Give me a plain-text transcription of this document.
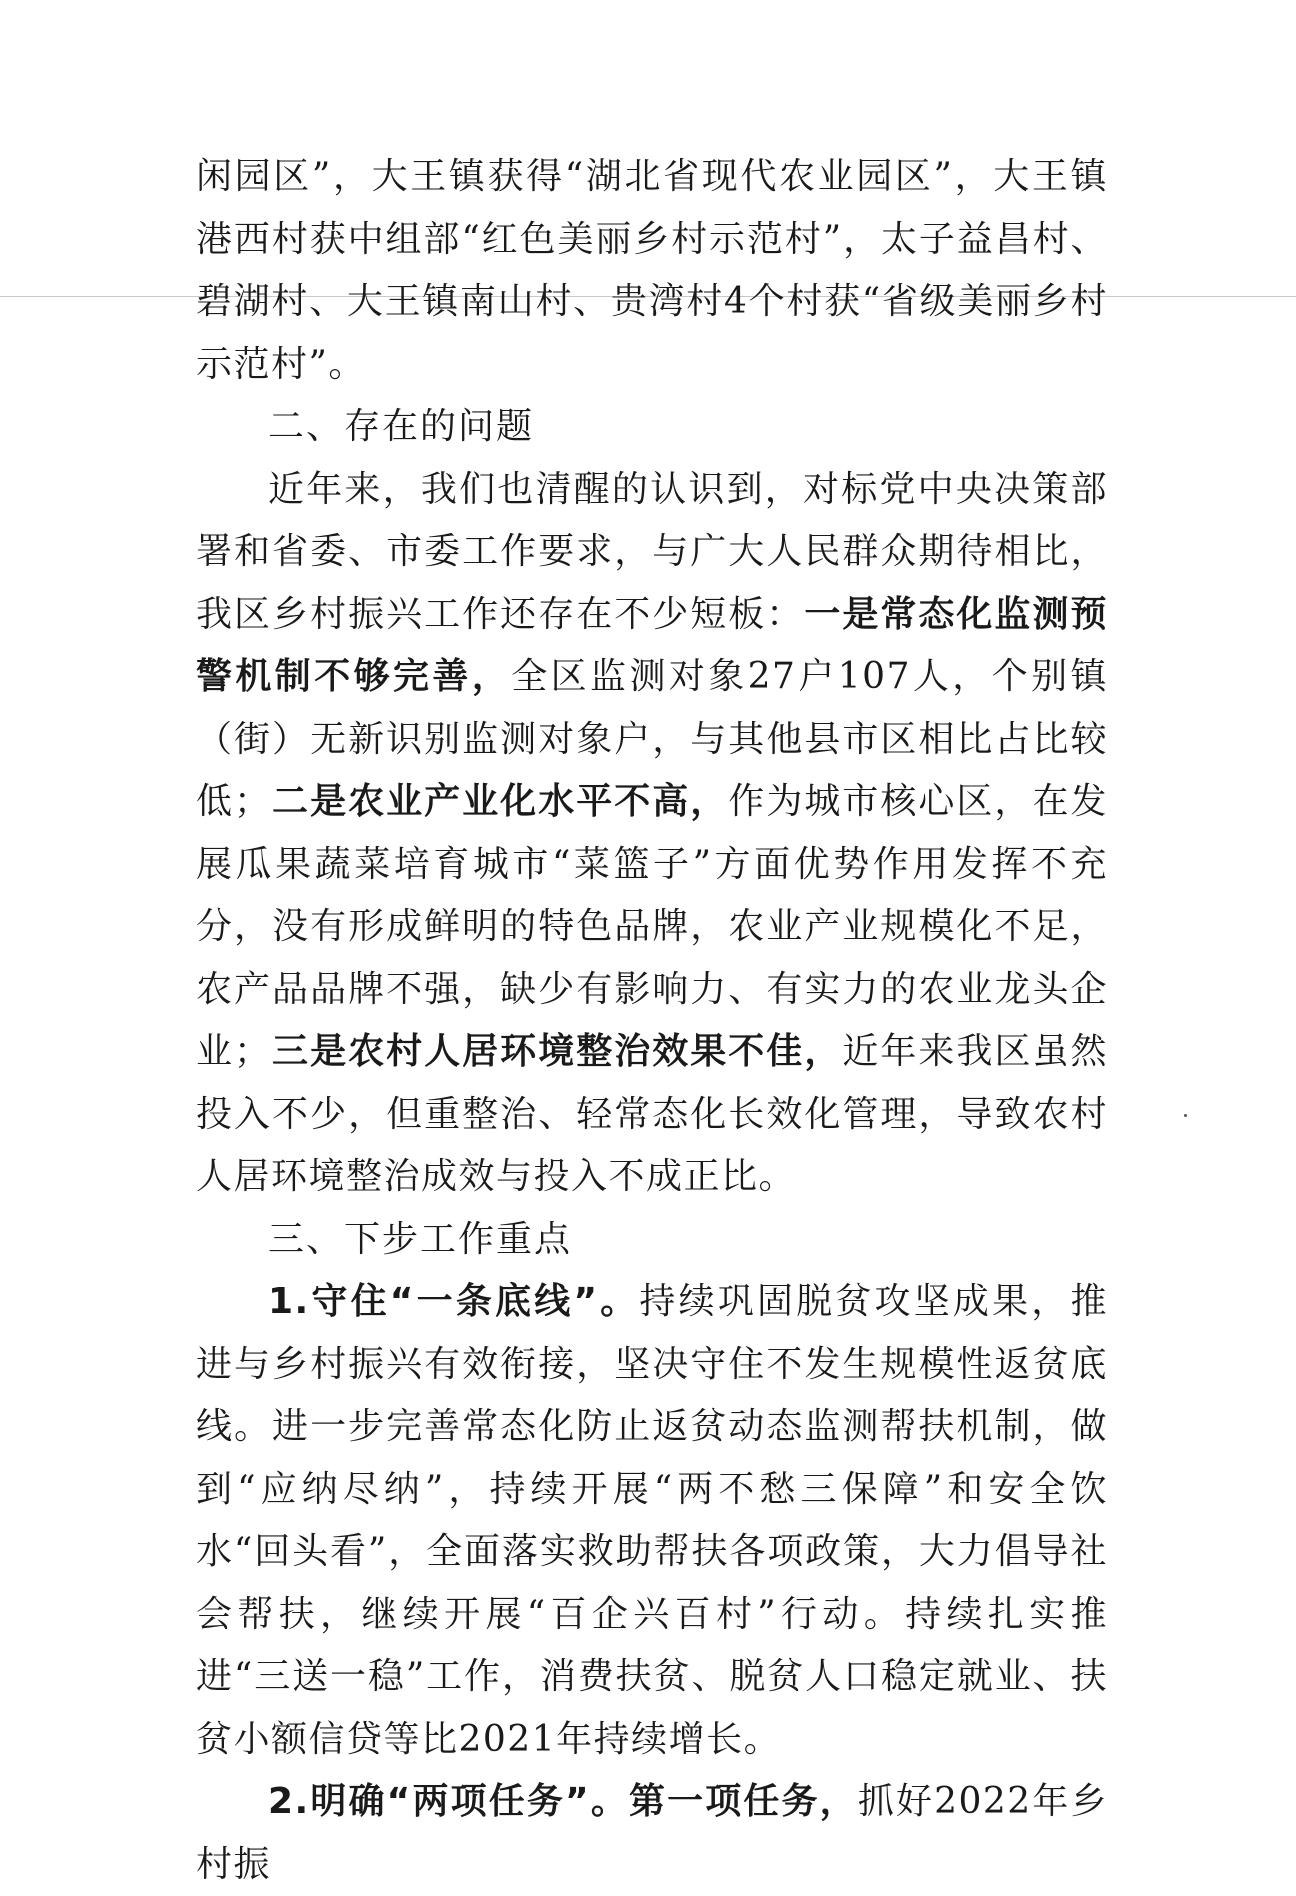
闲园区”，大王镇获得“湖北省现代农业园区”，大王镇港西村获中组部“红色美丽乡村示范村”，太子益昌村、碧湖村、大王镇南山村、贵湾村4个村获“省级美丽乡村示范村”。

二、存在的问题

近年来，我们也清醒的认识到，对标党中央决策部署和省委、市委工作要求，与广大人民群众期待相比，我区乡村振兴工作还存在不少短板：一是常态化监测预警机制不够完善，全区监测对象27户107人，个别镇（街）无新识别监测对象户，与其他县市区相比占比较低；二是农业产业化水平不高，作为城市核心区，在发展瓜果蔬菜培育城市“菜篮子”方面优势作用发挥不充分，没有形成鲜明的特色品牌，农业产业规模化不足，农产品品牌不强，缺少有影响力、有实力的农业龙头企业；三是农村人居环境整治效果不佳，近年来我区虽然投入不少，但重整治、轻常态化长效化管理，导致农村人居环境整治成效与投入不成正比。

三、下步工作重点

1.守住“一条底线”。持续巩固脱贫攻坚成果，推进与乡村振兴有效衔接，坚决守住不发生规模性返贫底线。进一步完善常态化防止返贫动态监测帮扶机制，做到“应纳尽纳”，持续开展“两不愁三保障”和安全饮水“回头看”，全面落实救助帮扶各项政策，大力倡导社会帮扶，继续开展“百企兴百村”行动。持续扎实推进“三送一稳”工作，消费扶贫、脱贫人口稳定就业、扶贫小额信贷等比2021年持续增长。

2.明确“两项任务”。第一项任务，抓好2022年乡村振
